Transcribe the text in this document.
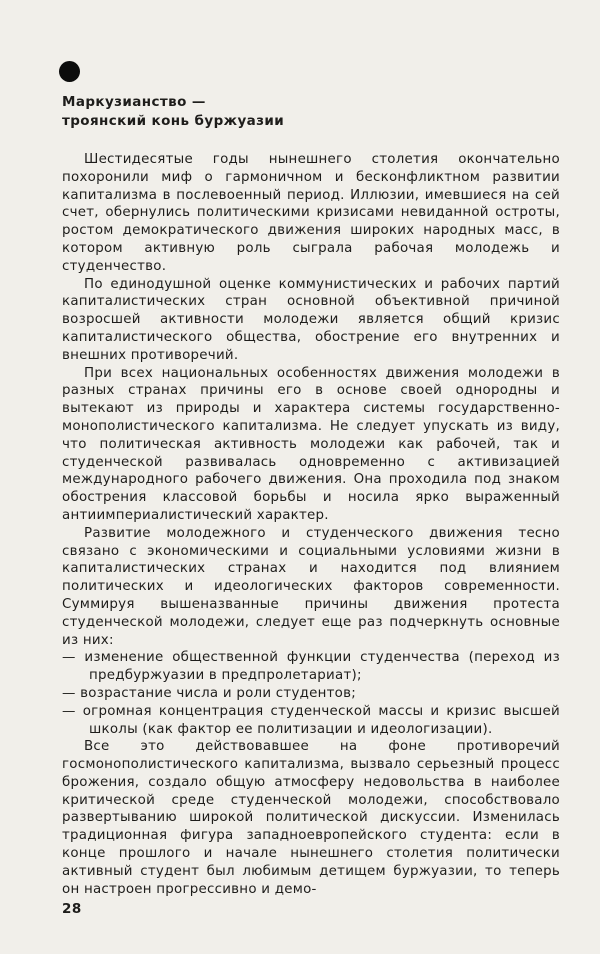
Маркузианство —
троянский конь буржуазии

Шестидесятые годы нынешнего столетия окончательно похоронили миф о гармоничном и бесконфликтном развитии капитализма в послевоенный период. Иллюзии, имевшиеся на сей счет, обернулись политическими кризисами невиданной остроты, ростом демократического движения широких народных масс, в котором активную роль сыграла рабочая молодежь и студенчество.

По единодушной оценке коммунистических и рабочих партий капиталистических стран основной объективной причиной возросшей активности молодежи является общий кризис капиталистического общества, обострение его внутренних и внешних противоречий.

При всех национальных особенностях движения молодежи в разных странах причины его в основе своей однородны и вытекают из природы и характера системы государственно-монополистического капитализма. Не следует упускать из виду, что политическая активность молодежи как рабочей, так и студенческой развивалась одновременно с активизацией международного рабочего движения. Она проходила под знаком обострения классовой борьбы и носила ярко выраженный антиимпериалистический характер.

Развитие молодежного и студенческого движения тесно связано с экономическими и социальными условиями жизни в капиталистических странах и находится под влиянием политических и идеологических факторов современности. Суммируя вышеназванные причины движения протеста студенческой молодежи, следует еще раз подчеркнуть основные из них:

— изменение общественной функции студенчества (переход из предбуржуазии в предпролетариат);

— возрастание числа и роли студентов;

— огромная концентрация студенческой массы и кризис высшей школы (как фактор ее политизации и идеологизации).

Все это действовавшее на фоне противоречий госмонополистического капитализма, вызвало серьезный процесс брожения, создало общую атмосферу недовольства в наиболее критической среде студенческой молодежи, способствовало развертыванию широкой политической дискуссии. Изменилась традиционная фигура западноевропейского студента: если в конце прошлого и начале нынешнего столетия политически активный студент был любимым детищем буржуазии, то теперь он настроен прогрессивно и демо-

28
